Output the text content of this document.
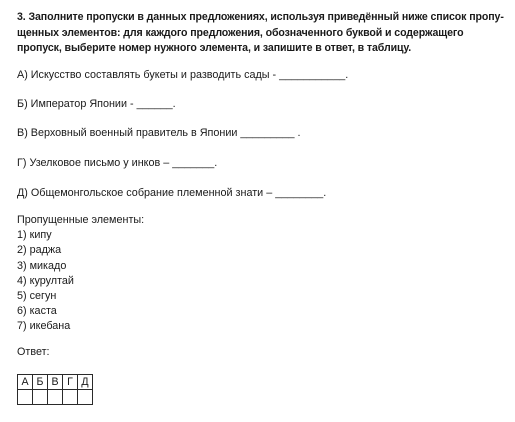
3. Заполните пропуски в данных предложениях, используя приведённый ниже список пропу-
щенных элементов: для каждого предложения, обозначенного буквой и содержащего
пропуск, выберите номер нужного элемента, и запишите в ответ, в таблицу.
А) Искусство составлять букеты и разводить сады - ___________.
Б) Император Японии - ______.
В) Верховный военный правитель в Японии _________ .
Г) Узелковое письмо у инков – _______.
Д) Общемонгольское собрание племенной знати – ________.
Пропущенные элементы:
1) кипу
2) раджа
3) микадо
4) курултай
5) сегун
6) каста
7) икебана
Ответ:
А	Б	В	Г	Д
